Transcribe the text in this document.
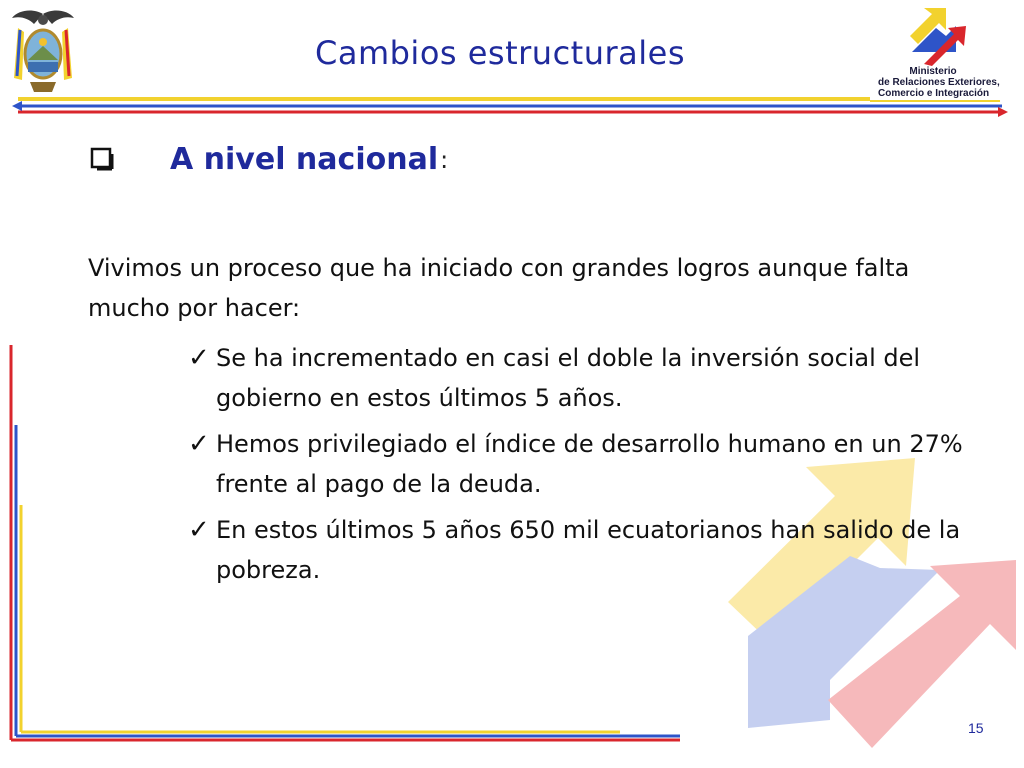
Ministerio
de Relaciones Exteriores,
Comercio e Integración
Cambios estructurales
A nivel nacional :
Vivimos un proceso que ha iniciado con grandes logros aunque falta mucho por hacer:
✓ Se ha incrementado en casi el doble la inversión social del gobierno en estos últimos 5 años.
✓ Hemos privilegiado el índice de desarrollo humano en un 27% frente al pago de la deuda.
✓ En estos últimos 5 años 650 mil ecuatorianos han salido de la pobreza.
15
